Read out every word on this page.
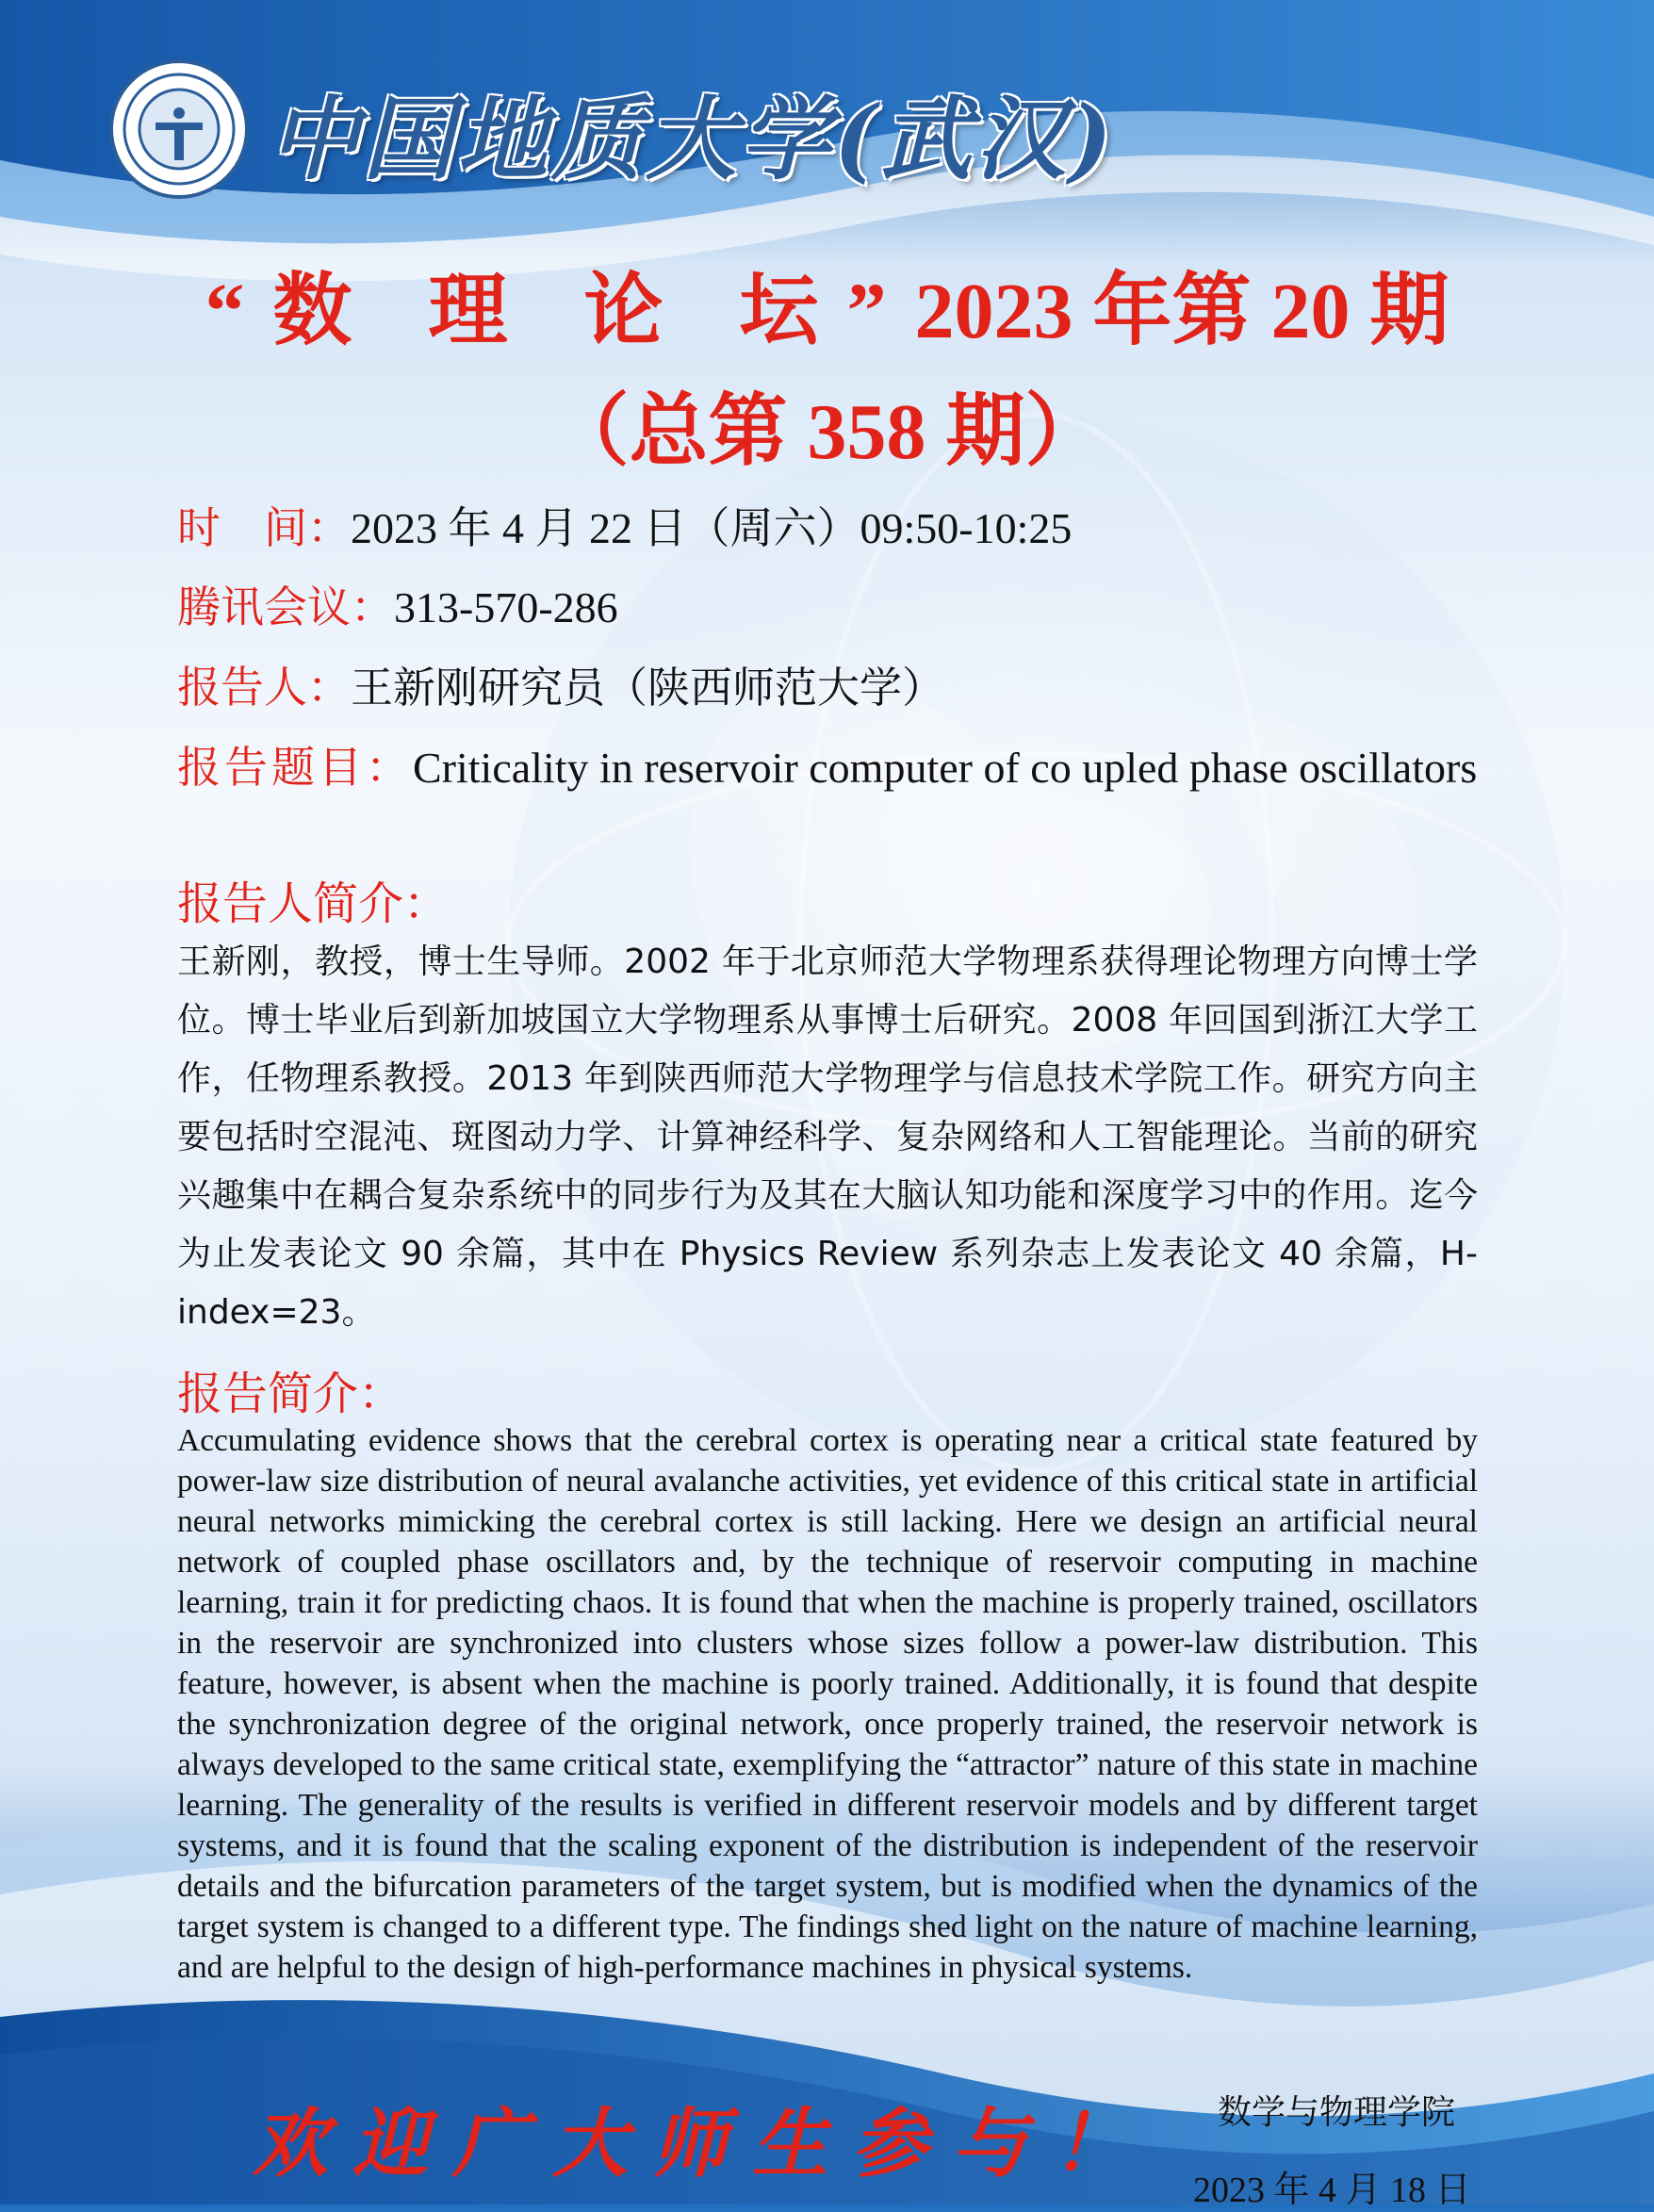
中国地质大学(武汉)
“数 理 论 坛”2023 年第 20 期
（总第 358 期）
时　间：2023 年 4 月 22 日（周六）09:50-10:25
腾讯会议：313-570-286
报告人：王新刚研究员（陕西师范大学）
报告题目：Criticality in reservoir computer of co upled phase oscillators
报告人简介：
王新刚，教授，博士生导师。2002 年于北京师范大学物理系获得理论物理方向博士学位。博士毕业后到新加坡国立大学物理系从事博士后研究。2008 年回国到浙江大学工作，任物理系教授。2013 年到陕西师范大学物理学与信息技术学院工作。研究方向主要包括时空混沌、斑图动力学、计算神经科学、复杂网络和人工智能理论。当前的研究兴趣集中在耦合复杂系统中的同步行为及其在大脑认知功能和深度学习中的作用。迄今为止发表论文 90 余篇，其中在 Physics Review 系列杂志上发表论文 40 余篇，H-index=23。
报告简介：
Accumulating evidence shows that the cerebral cortex is operating near a critical state featured by power-law size distribution of neural avalanche activities, yet evidence of this critical state in artificial neural networks mimicking the cerebral cortex is still lacking. Here we design an artificial neural network of coupled phase oscillators and, by the technique of reservoir computing in machine learning, train it for predicting chaos. It is found that when the machine is properly trained, oscillators in the reservoir are synchronized into clusters whose sizes follow a power-law distribution. This feature, however, is absent when the machine is poorly trained. Additionally, it is found that despite the synchronization degree of the original network, once properly trained, the reservoir network is always developed to the same critical state, exemplifying the “attractor” nature of this state in machine learning. The generality of the results is verified in different reservoir models and by different target systems, and it is found that the scaling exponent of the distribution is independent of the reservoir details and the bifurcation parameters of the target system, but is modified when the dynamics of the target system is changed to a different type. The findings shed light on the nature of machine learning, and are helpful to the design of high-performance machines in physical systems.
欢迎广大师生参与！ 数学与物理学院
2023 年 4 月 18 日
